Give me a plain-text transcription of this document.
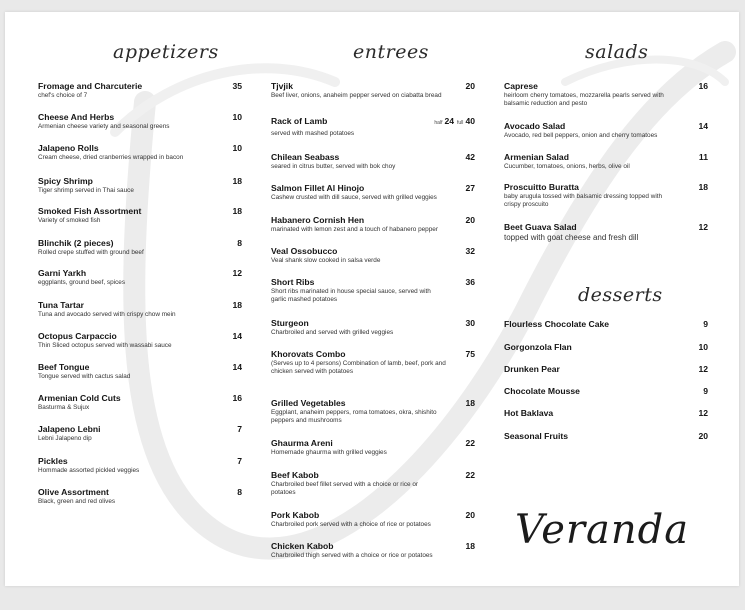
appetizers	entrees	salads
desserts
Fromage and Charcuterie	35
chef's choice of 7
Cheese And Herbs	10
Armenian cheese variety and seasonal greens
Jalapeno Rolls	10
Cream cheese, dried cranberries wrapped in bacon
Spicy Shrimp	18
Tiger shrimp served in Thai sauce
Smoked Fish Assortment	18
Variety of smoked fish
Blinchik (2 pieces)	8
Rolled crepe stuffed with ground beef
Garni Yarkh	12
eggplants, ground beef, spices
Tuna Tartar	18
Tuna and avocado served with crispy chow mein
Octopus Carpaccio	14
Thin Sliced octopus served with wassabi sauce
Beef Tongue	14
Tongue served with cactus salad
Armenian Cold Cuts	16
Basturma & Sujux
Jalapeno Lebni	7
Lebni Jalapeno dip
Pickles	7
Hommade assorted pickled veggies
Olive Assortment	8
Black, green and red olives
Tjvjik	20
Beef liver, onions, anaheim pepper served on ciabatta bread
Rack of Lamb	half 24 full 40
served with mashed potatoes
Chilean Seabass	42
seared in citrus butter, served with bok choy
Salmon Fillet Al Hinojo	27
Cashew crusted with dill sauce, served with grilled veggies
Habanero Cornish Hen	20
marinated with lemon zest and a touch of habanero pepper
Veal Ossobucco	32
Veal shank slow cooked in salsa verde
Short Ribs	36
Short ribs marinated in house special sauce, served with garlic mashed potatoes
Sturgeon	30
Charbroiled and served with grilled veggies
Khorovats Combo	75
(Serves up to 4 persons) Combination of lamb, beef, pork and chicken served with potatoes
Grilled Vegetables	18
Eggplant, anaheim peppers, roma tomatoes, okra, shishito peppers and mushrooms
Ghaurma Areni	22
Homemade ghaurma with grilled veggies
Beef Kabob	22
Charbroiled beef fillet served with a choice or rice or potatoes
Pork Kabob	20
Charbroiled pork served with a choice of rice or potatoes
Chicken Kabob	18
Charbroiled thigh served with a choice or rice or potatoes
Caprese	16
heirloom cherry tomatoes, mozzarella pearls served with balsamic reduction and pesto
Avocado Salad	14
Avocado, red bell peppers, onion and cherry tomatoes
Armenian Salad	11
Cucumber, tomatoes, onions, herbs, olive oil
Proscuitto Buratta	18
baby arugula tossed with balsamic dressing topped with crispy proscuito
Beet Guava Salad	12
topped with goat cheese and fresh dill
Flourless Chocolate Cake	9
Gorgonzola Flan	10
Drunken Pear	12
Chocolate Mousse	9
Hot Baklava	12
Seasonal Fruits	20
Veranda
